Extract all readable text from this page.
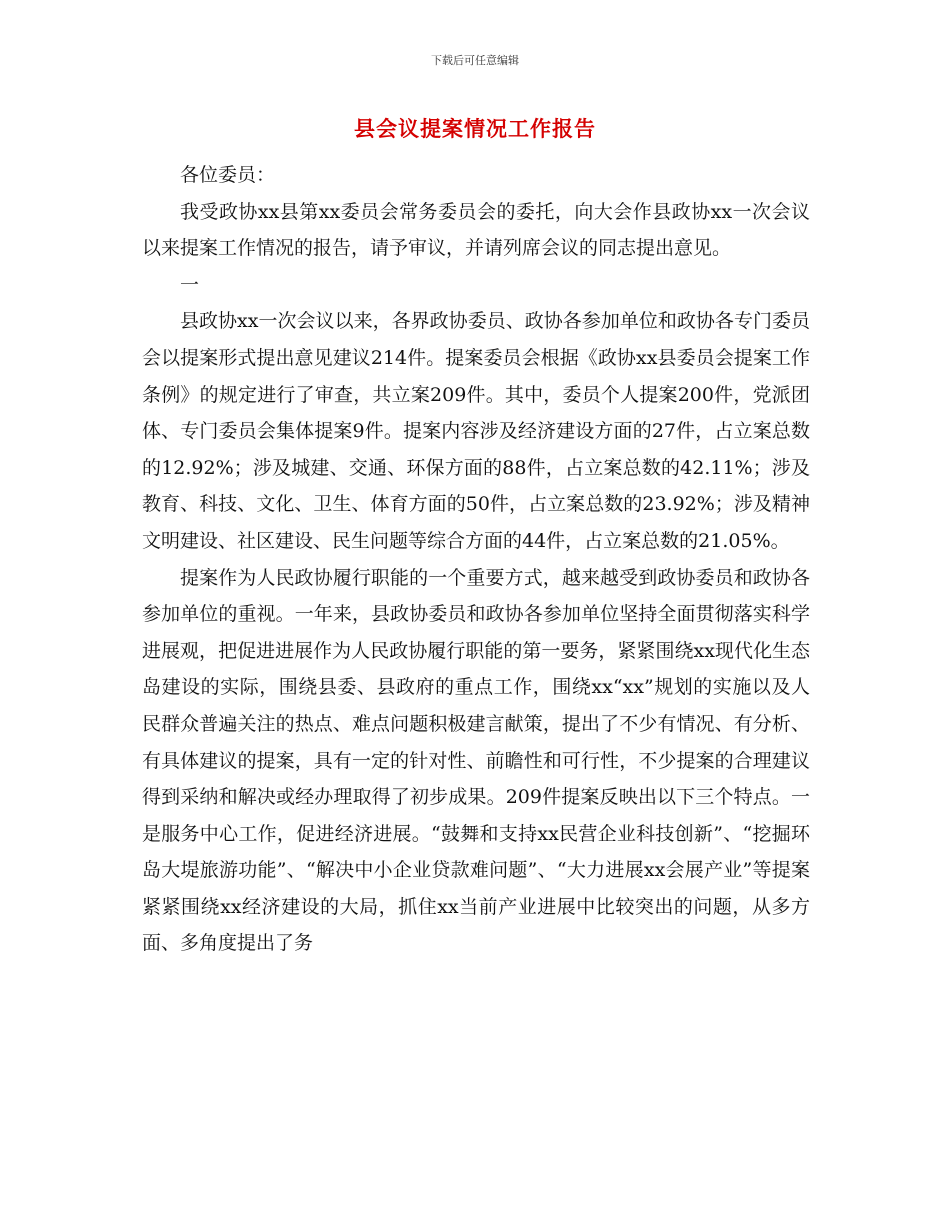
下载后可任意编辑
县会议提案情况工作报告

各位委员：

我受政协xx县第xx委员会常务委员会的委托，向大会作县政协xx一次会议以来提案工作情况的报告，请予审议，并请列席会议的同志提出意见。

一

县政协xx一次会议以来，各界政协委员、政协各参加单位和政协各专门委员会以提案形式提出意见建议214件。提案委员会根据《政协xx县委员会提案工作条例》的规定进行了审查，共立案209件。其中，委员个人提案200件，党派团体、专门委员会集体提案9件。提案内容涉及经济建设方面的27件，占立案总数的12.92%；涉及城建、交通、环保方面的88件，占立案总数的42.11%；涉及教育、科技、文化、卫生、体育方面的50件，占立案总数的23.92%；涉及精神文明建设、社区建设、民生问题等综合方面的44件，占立案总数的21.05%。

提案作为人民政协履行职能的一个重要方式，越来越受到政协委员和政协各参加单位的重视。一年来，县政协委员和政协各参加单位坚持全面贯彻落实科学进展观，把促进进展作为人民政协履行职能的第一要务，紧紧围绕xx现代化生态岛建设的实际，围绕县委、县政府的重点工作，围绕xx“xx”规划的实施以及人民群众普遍关注的热点、难点问题积极建言献策，提出了不少有情况、有分析、有具体建议的提案，具有一定的针对性、前瞻性和可行性，不少提案的合理建议得到采纳和解决或经办理取得了初步成果。209件提案反映出以下三个特点。一是服务中心工作，促进经济进展。“鼓舞和支持xx民营企业科技创新”、“挖掘环岛大堤旅游功能”、“解决中小企业贷款难问题”、“大力进展xx会展产业”等提案紧紧围绕xx经济建设的大局，抓住xx当前产业进展中比较突出的问题，从多方面、多角度提出了务
